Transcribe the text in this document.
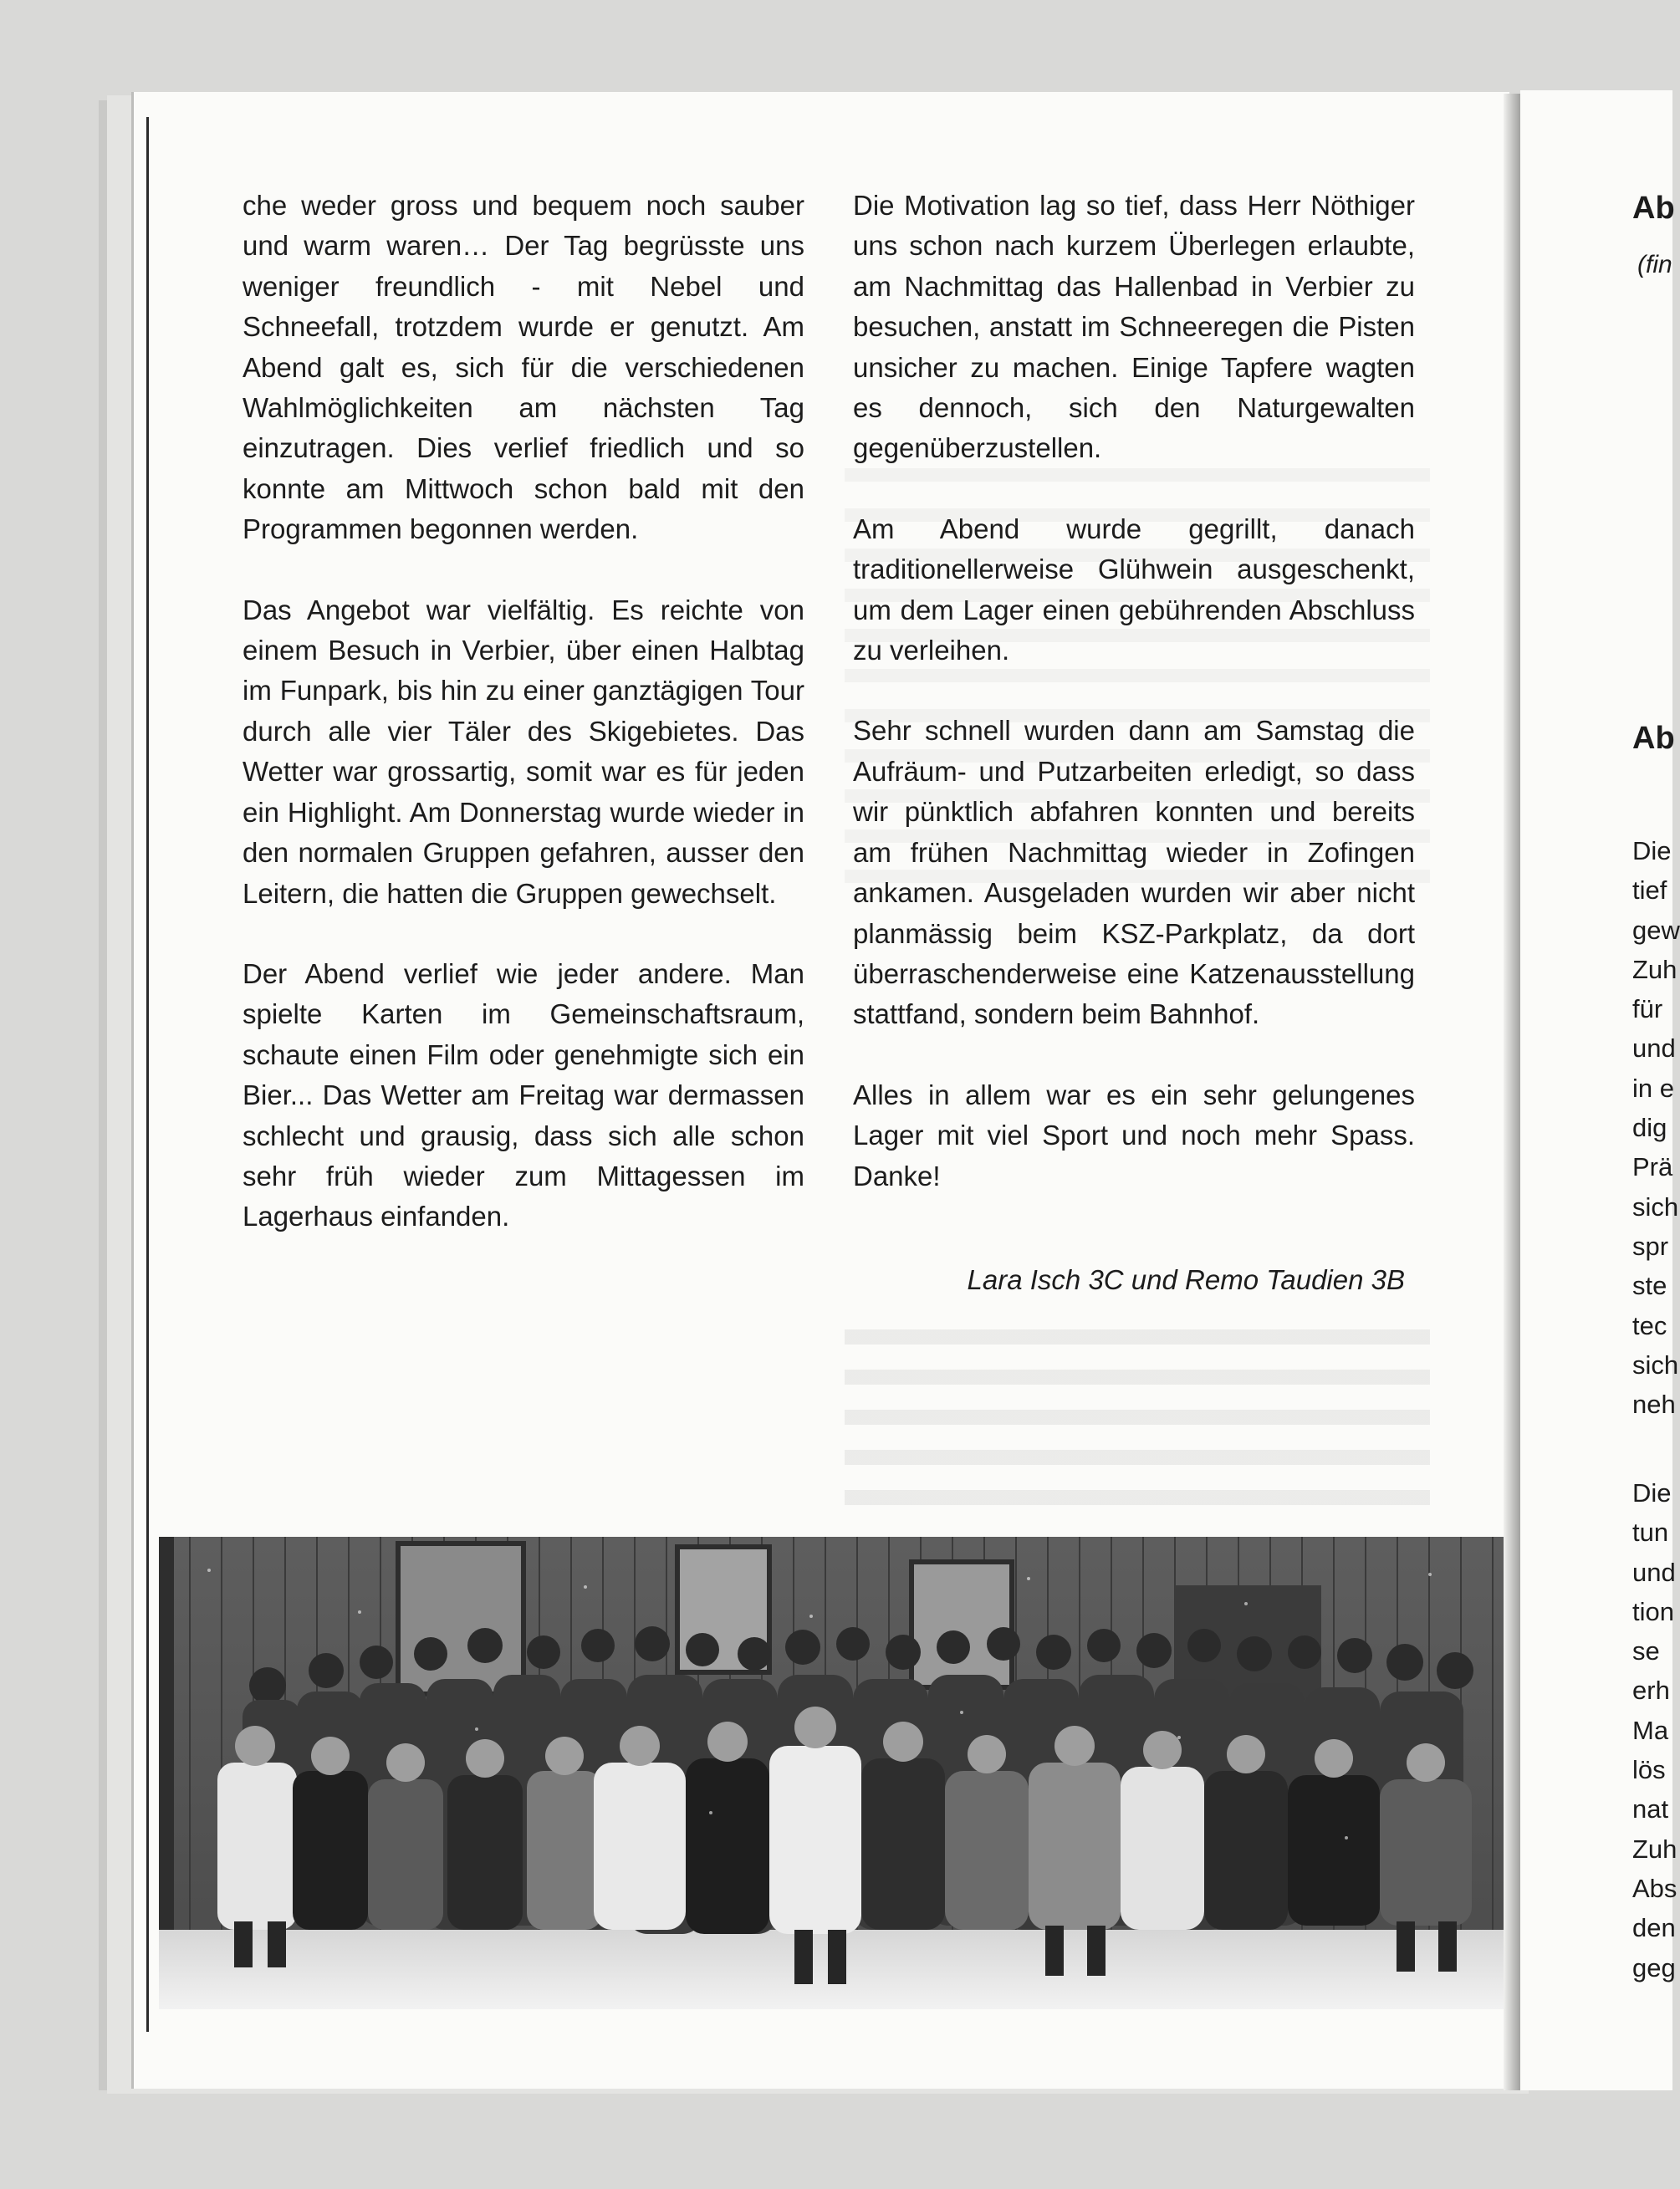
che weder gross und bequem noch sauber und warm waren… Der Tag begrüsste uns weniger freundlich - mit Nebel und Schneefall, trotzdem wurde er genutzt. Am Abend galt es, sich für die verschiedenen Wahlmöglichkeiten am nächsten Tag einzutragen. Dies verlief friedlich und so konnte am Mittwoch schon bald mit den Programmen begonnen werden.

Das Angebot war vielfältig. Es reichte von einem Besuch in Verbier, über einen Halbtag im Funpark, bis hin zu einer ganztägigen Tour durch alle vier Täler des Skigebietes. Das Wetter war grossartig, somit war es für jeden ein Highlight. Am Donnerstag wurde wieder in den normalen Gruppen gefahren, ausser den Leitern, die hatten die Gruppen gewechselt.

Der Abend verlief wie jeder andere. Man spielte Karten im Gemeinschaftsraum, schaute einen Film oder genehmigte sich ein Bier... Das Wetter am Freitag war dermassen schlecht und grausig, dass sich alle schon sehr früh wieder zum Mittagessen im Lagerhaus einfanden.

Die Motivation lag so tief, dass Herr Nöthiger uns schon nach kurzem Überlegen erlaubte, am Nachmittag das Hallenbad in Verbier zu besuchen, anstatt im Schneeregen die Pisten unsicher zu machen. Einige Tapfere wagten es dennoch, sich den Naturgewalten gegenüberzustellen.

Am Abend wurde gegrillt, danach traditionellerweise Glühwein ausgeschenkt, um dem Lager einen gebührenden Abschluss zu verleihen.

Sehr schnell wurden dann am Samstag die Aufräum- und Putzarbeiten erledigt, so dass wir pünktlich abfahren konnten und bereits am frühen Nachmittag wieder in Zofingen ankamen. Ausgeladen wurden wir aber nicht planmässig beim KSZ-Parkplatz, da dort überraschenderweise eine Katzenausstellung stattfand, sondern beim Bahnhof.

Alles in allem war es ein sehr gelungenes Lager mit viel Sport und noch mehr Spass. Danke!

Lara Isch 3C und Remo Taudien 3B
Ab
(fin
Ab
Die
tief
gew
Zuh
für
und
in e
dig
Prä
sich
spr
ste
tec
sich
neh
Die
tun
und
tion
se
erh
Ma
lös
nat
Zuh
Abs
den
geg
